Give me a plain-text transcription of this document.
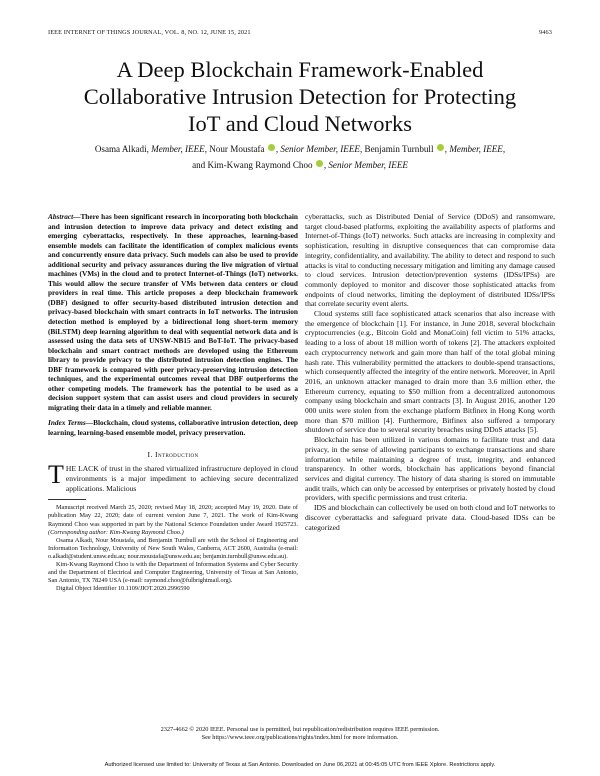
IEEE INTERNET OF THINGS JOURNAL, VOL. 8, NO. 12, JUNE 15, 2021	9463
A Deep Blockchain Framework-Enabled
Collaborative Intrusion Detection for Protecting
IoT and Cloud Networks
Osama Alkadi, Member, IEEE, Nour Moustafa , Senior Member, IEEE, Benjamin Turnbull , Member, IEEE,
and Kim-Kwang Raymond Choo , Senior Member, IEEE

Abstract—There has been significant research in incorporating both blockchain and intrusion detection to improve data privacy and detect existing and emerging cyberattacks, respectively. In these approaches, learning-based ensemble models can facilitate the identification of complex malicious events and concurrently ensure data privacy. Such models can also be used to provide additional security and privacy assurances during the live migration of virtual machines (VMs) in the cloud and to protect Internet-of-Things (IoT) networks. This would allow the secure transfer of VMs between data centers or cloud providers in real time. This article proposes a deep blockchain framework (DBF) designed to offer security-based distributed intrusion detection and privacy-based blockchain with smart contracts in IoT networks. The intrusion detection method is employed by a bidirectional long short-term memory (BiLSTM) deep learning algorithm to deal with sequential network data and is assessed using the data sets of UNSW-NB15 and BoT-IoT. The privacy-based blockchain and smart contract methods are developed using the Ethereum library to provide privacy to the distributed intrusion detection engines. The DBF framework is compared with peer privacy-preserving intrusion detection techniques, and the experimental outcomes reveal that DBF outperforms the other competing models. The framework has the potential to be used as a decision support system that can assist users and cloud providers in securely migrating their data in a timely and reliable manner.

Index Terms—Blockchain, cloud systems, collaborative intrusion detection, deep learning, learning-based ensemble model, privacy preservation.

I. Introduction

THE LACK of trust in the shared virtualized infrastructure deployed in cloud environments is a major impediment to achieving secure decentralized applications. Malicious

Manuscript received March 25, 2020; revised May 18, 2020; accepted May 19, 2020. Date of publication May 22, 2020; date of current version June 7, 2021. The work of Kim-Kwang Raymond Choo was supported in part by the National Science Foundation under Award 1925723. (Corresponding author: Kim-Kwang Raymond Choo.)

Osama Alkadi, Nour Moustafa, and Benjamin Turnbull are with the School of Engineering and Information Technology, University of New South Wales, Canberra, ACT 2600, Australia (e-mail: o.alkadi@student.unsw.edu.au; nour.moustafa@unsw.edu.au; benjamin.turnbull@unsw.edu.au).

Kim-Kwang Raymond Choo is with the Department of Information Systems and Cyber Security and the Department of Electrical and Computer Engineering, University of Texas at San Antonio, San Antonio, TX 78249 USA (e-mail: raymond.choo@fulbrightmail.org).

Digital Object Identifier 10.1109/JIOT.2020.2996590

cyberattacks, such as Distributed Denial of Service (DDoS) and ransomware, target cloud-based platforms, exploiting the availability aspects of platforms and Internet-of-Things (IoT) networks. Such attacks are increasing in complexity and sophistication, resulting in disruptive consequences that can compromise data integrity, confidentiality, and availability. The ability to detect and respond to such attacks is vital to conducting necessary mitigation and limiting any damage caused to cloud services. Intrusion detection/prevention systems (IDSs/IPSs) are commonly deployed to monitor and discover those sophisticated attacks from endpoints of cloud networks, limiting the deployment of distributed IDSs/IPSs that correlate security event alerts.

Cloud systems still face sophisticated attack scenarios that also increase with the emergence of blockchain [1]. For instance, in June 2018, several blockchain cryptocurrencies (e.g., Bitcoin Gold and MonaCoin) fell victim to 51% attacks, leading to a loss of about 18 million worth of tokens [2]. The attackers exploited each cryptocurrency network and gain more than half of the total global mining hash rate. This vulnerability permitted the attackers to double-spend transactions, which consequently affected the integrity of the entire network. Moreover, in April 2016, an unknown attacker managed to drain more than 3.6 million ether, the Ethereum currency, equating to $50 million from a decentralized autonomous company using blockchain and smart contracts [3]. In August 2016, another 120 000 units were stolen from the exchange platform Bitfinex in Hong Kong worth more than $70 million [4]. Furthermore, Bitfinex also suffered a temporary shutdown of service due to several security breaches using DDoS attacks [5].

Blockchain has been utilized in various domains to facilitate trust and data privacy, in the sense of allowing participants to exchange transactions and share information while maintaining a degree of trust, integrity, and enhanced transparency. In other words, blockchain has applications beyond financial services and digital currency. The history of data sharing is stored on immutable audit trails, which can only be accessed by enterprises or privately hosted by cloud providers, with specific permissions and trust criteria.

IDS and blockchain can collectively be used on both cloud and IoT networks to discover cyberattacks and safeguard private data. Cloud-based IDSs can be categorized

2327-4662 © 2020 IEEE. Personal use is permitted, but republication/redistribution requires IEEE permission.
See https://www.ieee.org/publications/rights/index.html for more information.
Authorized licensed use limited to: University of Texas at San Antonio. Downloaded on June 06,2021 at 00:45:05 UTC from IEEE Xplore. Restrictions apply.
